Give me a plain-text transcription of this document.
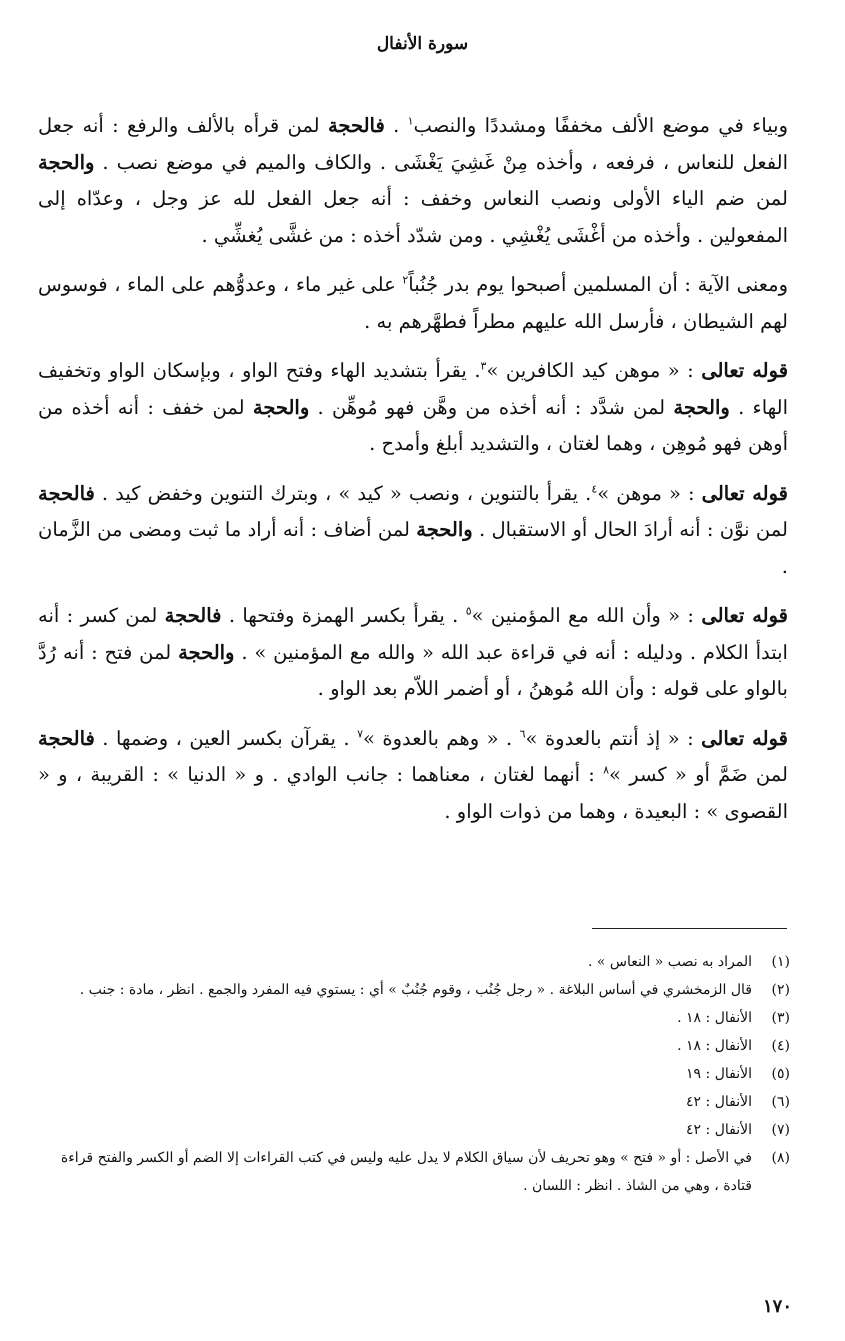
سورة الأنفال

وبياء في موضع الألف مخففًا ومشددًا والنصب$^١$ . فالحجة لمن قرأه بالألف والرفع : أنه جعل الفعل للنعاس ، فرفعه ، وأخذه مِنْ غَشِيَ يَغْشَى . والكاف والميم في موضع نصب . والحجة لمن ضم الياء الأولى ونصب النعاس وخفف : أنه جعل الفعل لله عز وجل ، وعدّاه إلى المفعولين . وأخذه من أغْشَى يُغْشِي . ومن شدّد أخذه : من غشَّى يُغشِّي .

ومعنى الآية : أن المسلمين أصبحوا يوم بدر جُنُباً$^٢$ على غير ماء ، وعدوُّهم على الماء ، فوسوس لهم الشيطان ، فأرسل الله عليهم مطراً فطهَّرهم به .

قوله تعالى : « موهن كيد الكافرين »$^٣$. يقرأ بتشديد الهاء وفتح الواو ، وبإسكان الواو وتخفيف الهاء . والحجة لمن شدَّد : أنه أخذه من وهَّن فهو مُوهِّن . والحجة لمن خفف : أنه أخذه من أوهن فهو مُوهِن ، وهما لغتان ، والتشديد أبلغ وأمدح .

قوله تعالى : « موهن »$^٤$. يقرأ بالتنوين ، ونصب « كيد » ، وبترك التنوين وخفض كيد . فالحجة لمن نوَّن : أنه أرادَ الحال أو الاستقبال . والحجة لمن أضاف : أنه أراد ما ثبت ومضى من الزَّمان .

قوله تعالى : « وأن الله مع المؤمنين »$^٥$ . يقرأ بكسر الهمزة وفتحها . فالحجة لمن كسر : أنه ابتدأ الكلام . ودليله : أنه في قراءة عبد الله « والله مع المؤمنين » . والحجة لمن فتح : أنه رُدَّ بالواو على قوله : وأن الله مُوهنُ ، أو أضمر اللاّم بعد الواو .

قوله تعالى : « إذ أنتم بالعدوة »$^٦$ . « وهم بالعدوة »$^٧$ . يقرآن بكسر العين ، وضمها . فالحجة لمن ضَمَّ أو « كسر »$^٨$ : أنهما لغتان ، معناهما : جانب الوادي . و « الدنيا » : القريبة ، و « القصوى » : البعيدة ، وهما من ذوات الواو .

(١)
المراد به نصب « النعاس » .
(٢)
قال الزمخشري في أساس البلاغة . « رجل جُنُب ، وقوم جُنُبٌ » أي : يستوي فيه المفرد والجمع . انظر ، مادة : جنب .
(٣)
الأنفال : ١٨ .
(٤)
الأنفال : ١٨ .
(٥)
الأنفال : ١٩
(٦)
الأنفال : ٤٢
(٧)
الأنفال : ٤٢
(٨)
في الأصل : أو « فتح » وهو تحريف لأن سياق الكلام لا يدل عليه وليس في كتب القراءات إلا الضم أو الكسر والفتح قراءة قتادة ، وهي من الشاذ . انظر : اللسان .
١٧٠
